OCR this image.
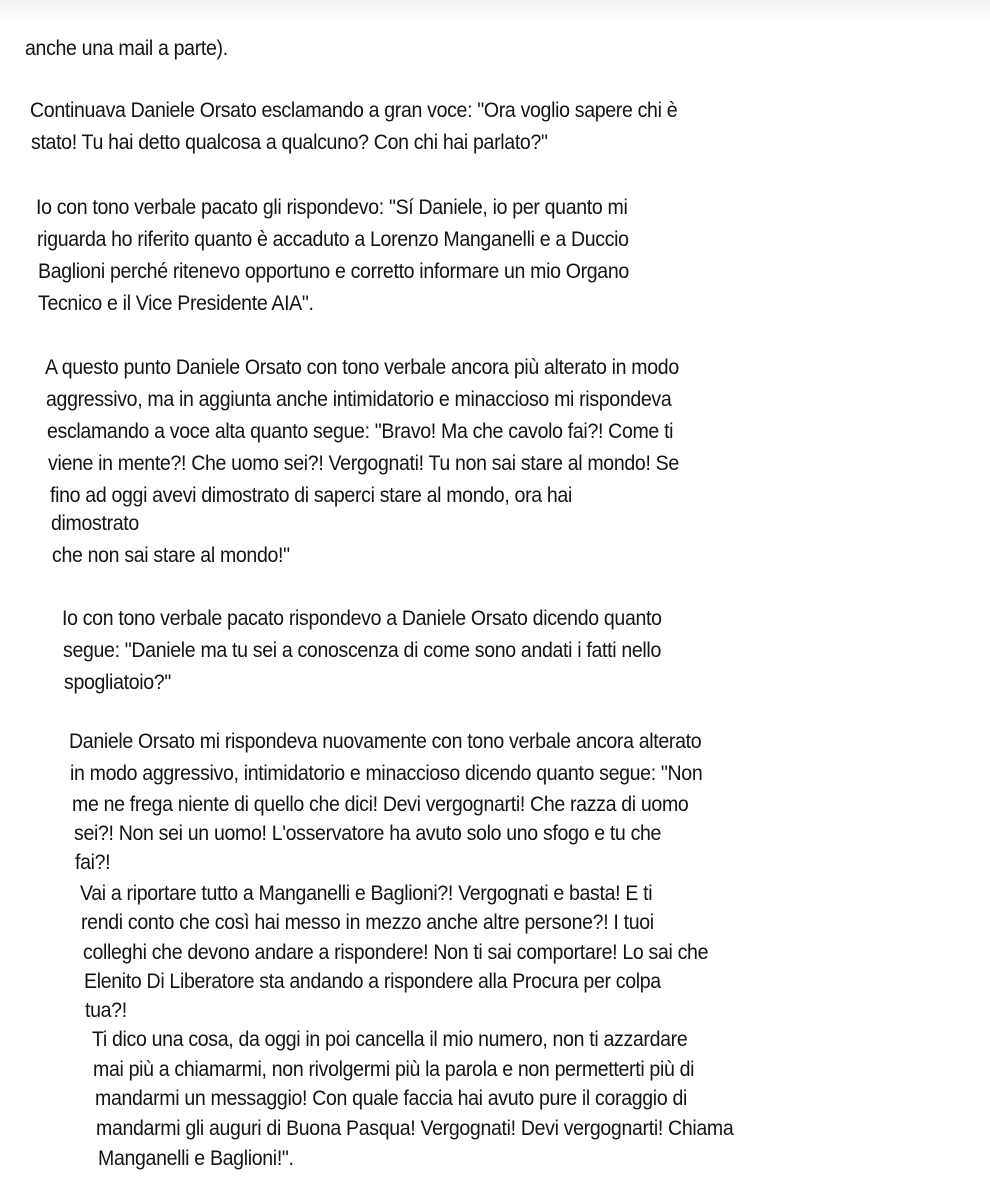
anche una mail a parte).
Continuava Daniele Orsato esclamando a gran voce: "Ora voglio sapere chi è
stato! Tu hai detto qualcosa a qualcuno? Con chi hai parlato?"
Io con tono verbale pacato gli rispondevo: "Sí Daniele, io per quanto mi
riguarda ho riferito quanto è accaduto a Lorenzo Manganelli e a Duccio
Baglioni perché ritenevo opportuno e corretto informare un mio Organo
Tecnico e il Vice Presidente AIA".
A questo punto Daniele Orsato con tono verbale ancora più alterato in modo
aggressivo, ma in aggiunta anche intimidatorio e minaccioso mi rispondeva
esclamando a voce alta quanto segue: "Bravo! Ma che cavolo fai?! Come ti
viene in mente?! Che uomo sei?! Vergognati! Tu non sai stare al mondo! Se
fino ad oggi avevi dimostrato di saperci stare al mondo, ora hai
dimostrato
che non sai stare al mondo!"
Io con tono verbale pacato rispondevo a Daniele Orsato dicendo quanto
segue: "Daniele ma tu sei a conoscenza di come sono andati i fatti nello
spogliatoio?"
Daniele Orsato mi rispondeva nuovamente con tono verbale ancora alterato
in modo aggressivo, intimidatorio e minaccioso dicendo quanto segue: "Non
me ne frega niente di quello che dici! Devi vergognarti! Che razza di uomo
sei?! Non sei un uomo! L'osservatore ha avuto solo uno sfogo e tu che
fai?!
Vai a riportare tutto a Manganelli e Baglioni?! Vergognati e basta! E ti
rendi conto che così hai messo in mezzo anche altre persone?! I tuoi
colleghi che devono andare a rispondere! Non ti sai comportare! Lo sai che
Elenito Di Liberatore sta andando a rispondere alla Procura per colpa
tua?!
Ti dico una cosa, da oggi in poi cancella il mio numero, non ti azzardare
mai più a chiamarmi, non rivolgermi più la parola e non permetterti più di
mandarmi un messaggio! Con quale faccia hai avuto pure il coraggio di
mandarmi gli auguri di Buona Pasqua! Vergognati! Devi vergognarti! Chiama
Manganelli e Baglioni!".
